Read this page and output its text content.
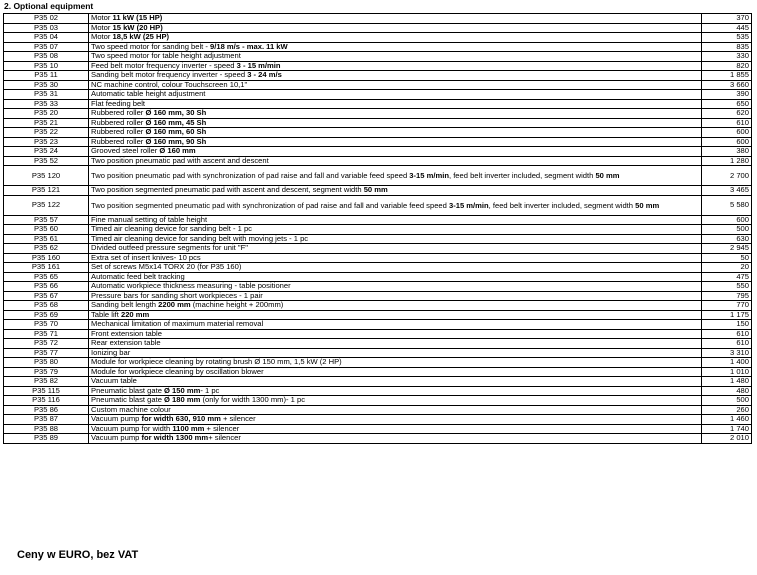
2. Optional equipment
P35 02	Motor 11 kW (15 HP)	370
P35 03	Motor 15 kW (20 HP)	445
P35 04	Motor 18,5 kW (25 HP)	535
P35 07	Two speed motor for sanding belt - 9/18 m/s - max. 11 kW	835
P35 08	Two speed motor for table height adjustment	330
P35 10	Feed belt motor frequency inverter - speed 3 - 15 m/min	820
P35 11	Sanding belt motor frequency inverter - speed 3 - 24 m/s	1 855
P35 30	NC machine control, colour Touchscreen 10,1"	3 660
P35 31	Automatic table height adjustment	390
P35 33	Flat feeding belt	650
P35 20	Rubbered roller Ø 160 mm, 30 Sh	620
P35 21	Rubbered roller Ø 160 mm, 45 Sh	610
P35 22	Rubbered roller Ø 160 mm, 60 Sh	600
P35 23	Rubbered roller Ø 160 mm, 90 Sh	600
P35 24	Grooved steel roller Ø 160 mm	380
P35 52	Two position pneumatic pad with ascent and descent	1 280
P35 120	Two position pneumatic pad with synchronization of pad raise and fall and variable feed speed 3-15 m/min, feed belt inverter included, segment width 50 mm	2 700
P35 121	Two position segmented pneumatic pad with ascent and descent, segment width 50 mm	3 465
P35 122	Two position segmented pneumatic pad with synchronization of pad raise and fall and variable feed speed 3-15 m/min, feed belt inverter included, segment width 50 mm	5 580
P35 57	Fine manual setting of table height	600
P35 60	Timed air cleaning device for sanding belt - 1 pc	500
P35 61	Timed air cleaning device for sanding belt with moving jets - 1 pc	630
P35 62	Divided outfeed pressure segments for unit "F"	2 945
P35 160	Extra set of insert knives- 10 pcs	50
P35 161	Set of screws M5x14 TORX 20 (for P35 160)	20
P35 65	Automatic feed belt tracking	475
P35 66	Automatic workpiece thickness measuring - table positioner	550
P35 67	Pressure bars for sanding short workpieces - 1 pair	795
P35 68	Sanding belt length 2200 mm (machine height + 200mm)	770
P35 69	Table lift 220 mm	1 175
P35 70	Mechanical limitation of maximum material removal	150
P35 71	Front extension table	610
P35 72	Rear extension table	610
P35 77	Ionizing bar	3 310
P35 80	Module for workpiece cleaning by rotating brush Ø 150 mm, 1,5 kW (2 HP)	1 400
P35 79	Module for workpiece cleaning by oscillation blower	1 010
P35 82	Vacuum table	1 480
P35 115	Pneumatic blast gate Ø 150 mm- 1 pc	480
P35 116	Pneumatic blast gate Ø 180 mm (only for width 1300 mm)- 1 pc	500
P35 86	Custom machine colour	260
P35 87	Vacuum pump for width 630, 910 mm + silencer	1 460
P35 88	Vacuum pump for width 1100 mm + silencer	1 740
P35 89	Vacuum pump for width 1300 mm+ silencer	2 010
Ceny w EURO, bez VAT
